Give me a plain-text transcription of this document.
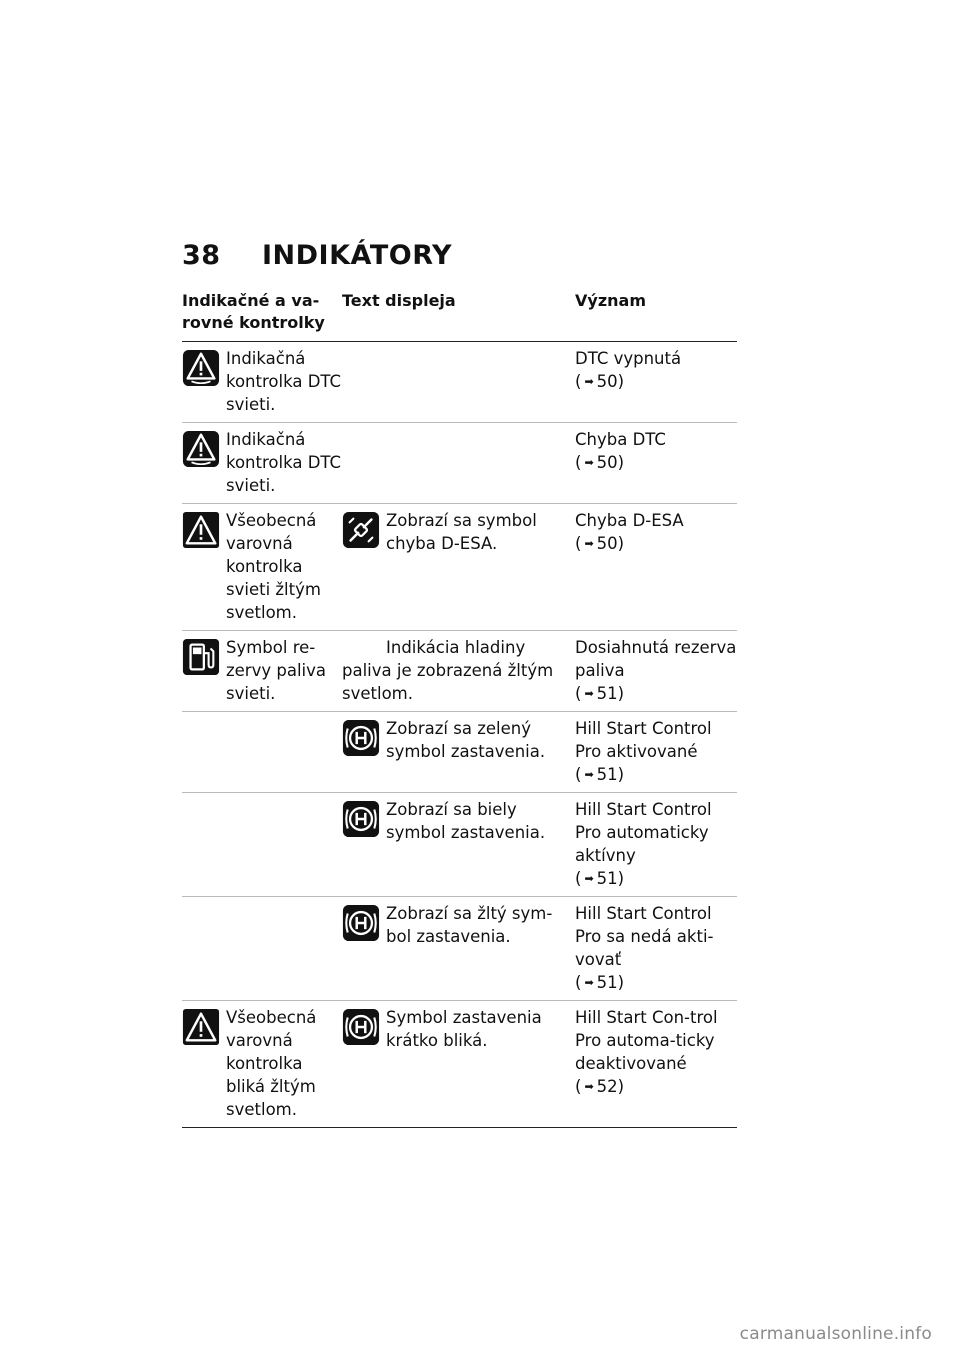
38 INDIKÁTORY
Indikačné a va-
rovné kontrolky
Text displeja	Význam
Indikačná kontrolka DTC svieti.
DTC vypnutá
( ➡ 50)
Indikačná kontrolka DTC svieti.
Chyba DTC
( ➡ 50)
Všeobecná varovná kontrolka svieti žltým svetlom.
Zobrazí sa symbol chyba D-ESA.
Chyba D-ESA
( ➡ 50)
Symbol re-zervy paliva svieti.
Indikácia hladiny paliva je zobrazená žltým svetlom.
Dosiahnutá rezerva paliva
( ➡ 51)
Zobrazí sa zelený symbol zastavenia.
Hill Start Control Pro aktivované
( ➡ 51)
Zobrazí sa biely symbol zastavenia.
Hill Start Control Pro automaticky aktívny
( ➡ 51)
Zobrazí sa žltý sym-bol zastavenia.
Hill Start Control Pro sa nedá akti-vovať
( ➡ 51)
Všeobecná varovná kontrolka bliká žltým svetlom.
Symbol zastavenia krátko bliká.
Hill Start Con-trol Pro automa-ticky deaktivované
( ➡ 52)
carmanualsonline.info
